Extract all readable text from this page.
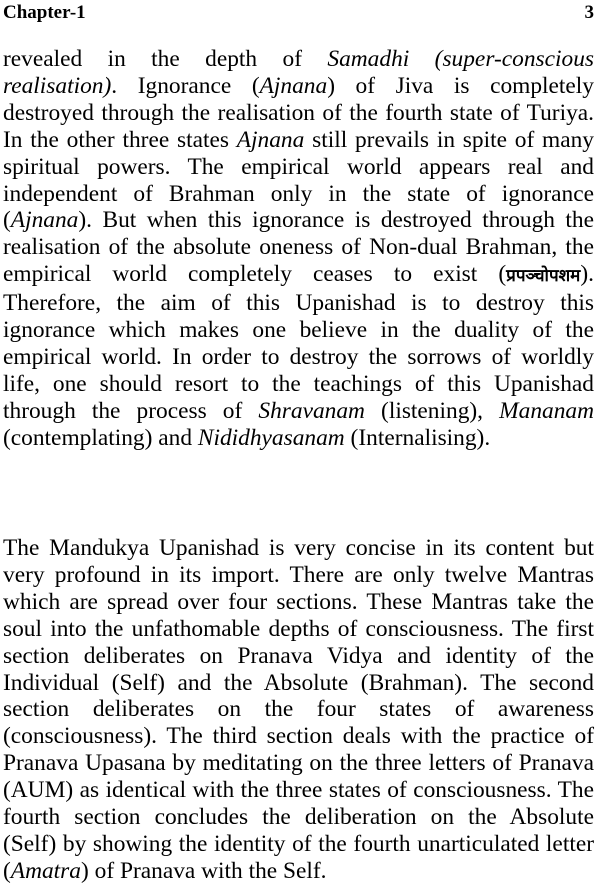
Chapter-1	3

revealed in the depth of Samadhi (super-conscious realisation). Ignorance (Ajnana) of Jiva is completely destroyed through the realisation of the fourth state of Turiya. In the other three states Ajnana still prevails in spite of many spiritual powers. The empirical world appears real and independent of Brahman only in the state of ignorance (Ajnana). But when this ignorance is destroyed through the realisation of the absolute oneness of Non-dual Brahman, the empirical world completely ceases to exist (प्रपञ्चोपशम). Therefore, the aim of this Upanishad is to destroy this ignorance which makes one believe in the duality of the empirical world. In order to destroy the sorrows of worldly life, one should resort to the teachings of this Upanishad through the process of Shravanam (listening), Mananam (contemplating) and Nididhyasanam (Internalising).

The Mandukya Upanishad is very concise in its content but very profound in its import. There are only twelve Mantras which are spread over four sections. These Mantras take the soul into the unfathomable depths of consciousness. The first section deliberates on Pranava Vidya and identity of the Individual (Self) and the Absolute (Brahman). The second section deliberates on the four states of awareness (consciousness). The third section deals with the practice of Pranava Upasana by meditating on the three letters of Pranava (AUM) as identical with the three states of consciousness. The fourth section concludes the deliberation on the Absolute (Self) by showing the identity of the fourth unarticulated letter (Amatra) of Pranava with the Self.
